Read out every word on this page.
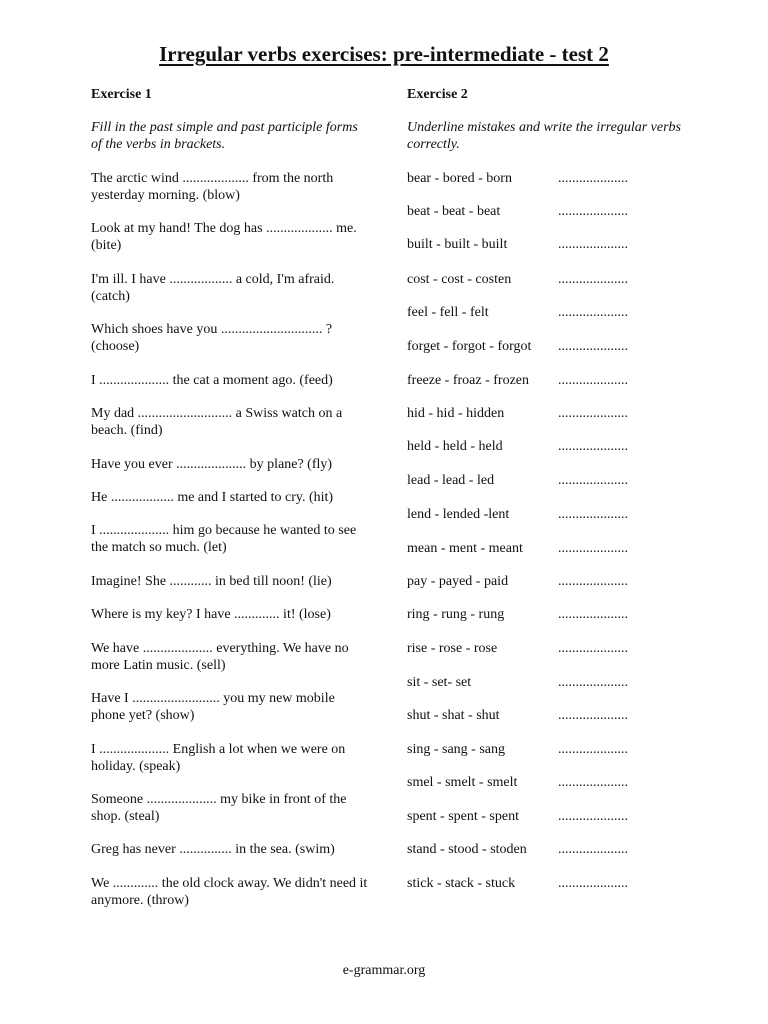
Irregular verbs exercises: pre-intermediate - test 2
Exercise 1
Fill in the past simple and past participle forms of the verbs in brackets.
The arctic wind ................... from the north yesterday morning. (blow)
Look at my hand! The dog has ................... me. (bite)
I'm ill. I have .................. a cold, I'm afraid. (catch)
Which shoes have you ............................. ? (choose)
I .................... the cat a moment ago. (feed)
My dad ........................... a Swiss watch on a beach. (find)
Have you ever .................... by plane? (fly)
He .................. me and I started to cry. (hit)
I .................... him go because he wanted to see the match so much. (let)
Imagine! She ............ in bed till noon! (lie)
Where is my key? I have ............. it! (lose)
We have .................... everything. We have no more Latin music. (sell)
Have I ......................... you my new mobile phone yet? (show)
I .................... English a lot when we were on holiday. (speak)
Someone .................... my bike in front of the shop. (steal)
Greg has never ............... in the sea. (swim)
We ............. the old clock away. We didn't need it anymore. (throw)
Exercise 2
Underline mistakes and write the irregular verbs correctly.
bear - bored - born	....................
beat - beat - beat	....................
built - built - built	....................
cost - cost - costen	....................
feel - fell - felt	....................
forget - forgot - forgot ....................
freeze - froaz - frozen ....................
hid - hid - hidden	....................
held - held - held	....................
lead - lead - led	....................
lend - lended -lent	....................
mean - ment - meant	....................
pay - payed - paid	....................
ring - rung - rung	....................
rise - rose - rose	....................
sit - set- set	....................
shut - shat - shut	....................
sing - sang - sang	....................
smel - smelt - smelt	....................
spent - spent - spent	....................
stand - stood - stoden ....................
stick - stack - stuck	....................
e-grammar.org
